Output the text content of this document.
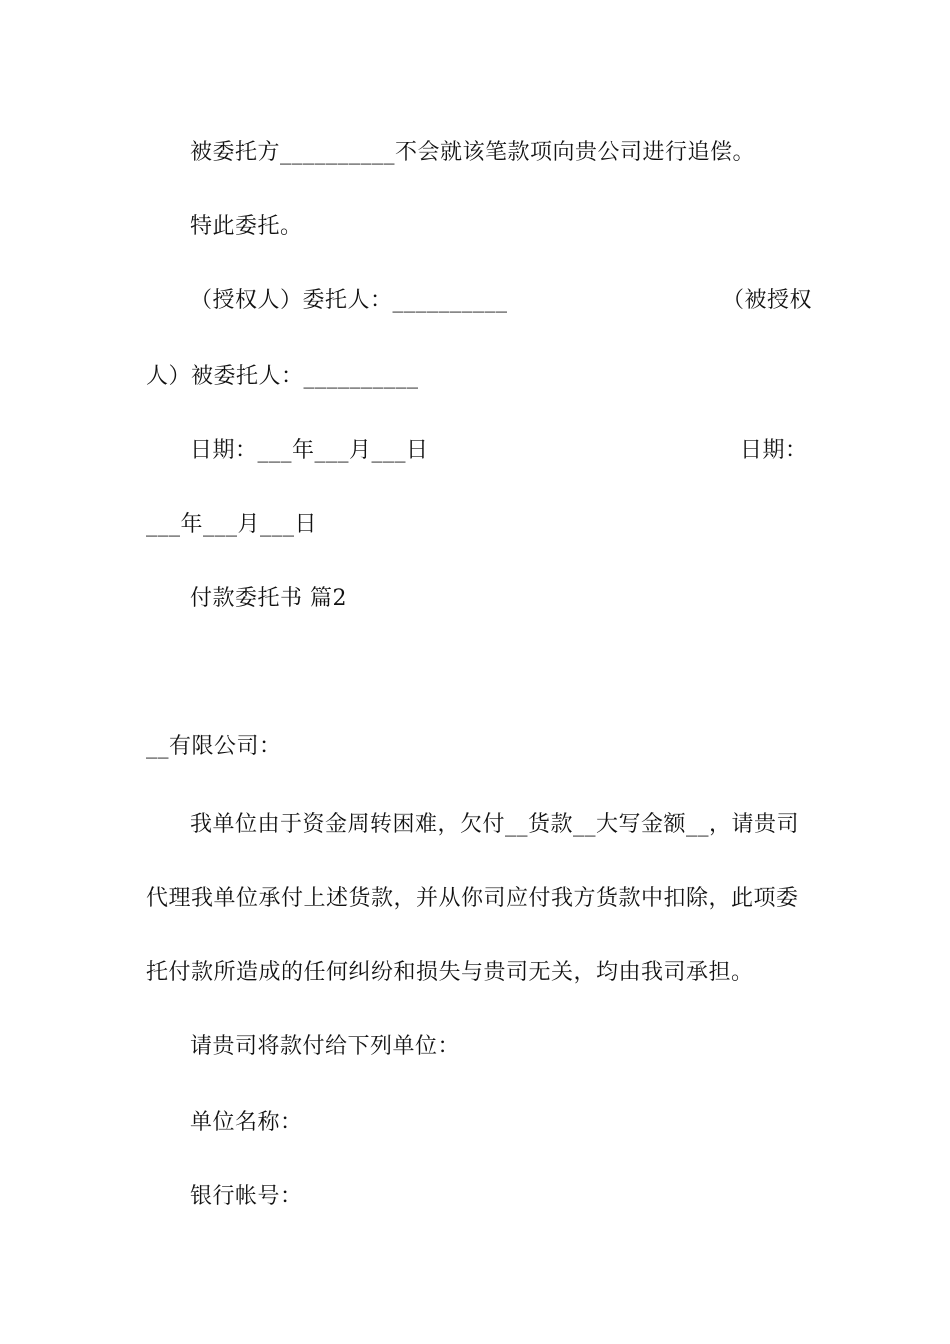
被委托方__________不会就该笔款项向贵公司进行追偿。
特此委托。
（授权人）委托人：__________	（被授权
人）被委托人：__________
日期：___年___月___日	日期：
___年___月___日
付款委托书 篇2
__有限公司：
我单位由于资金周转困难，欠付__货款__大写金额__，请贵司
代理我单位承付上述货款，并从你司应付我方货款中扣除，此项委
托付款所造成的任何纠纷和损失与贵司无关，均由我司承担。
请贵司将款付给下列单位：
单位名称：
银行帐号：
